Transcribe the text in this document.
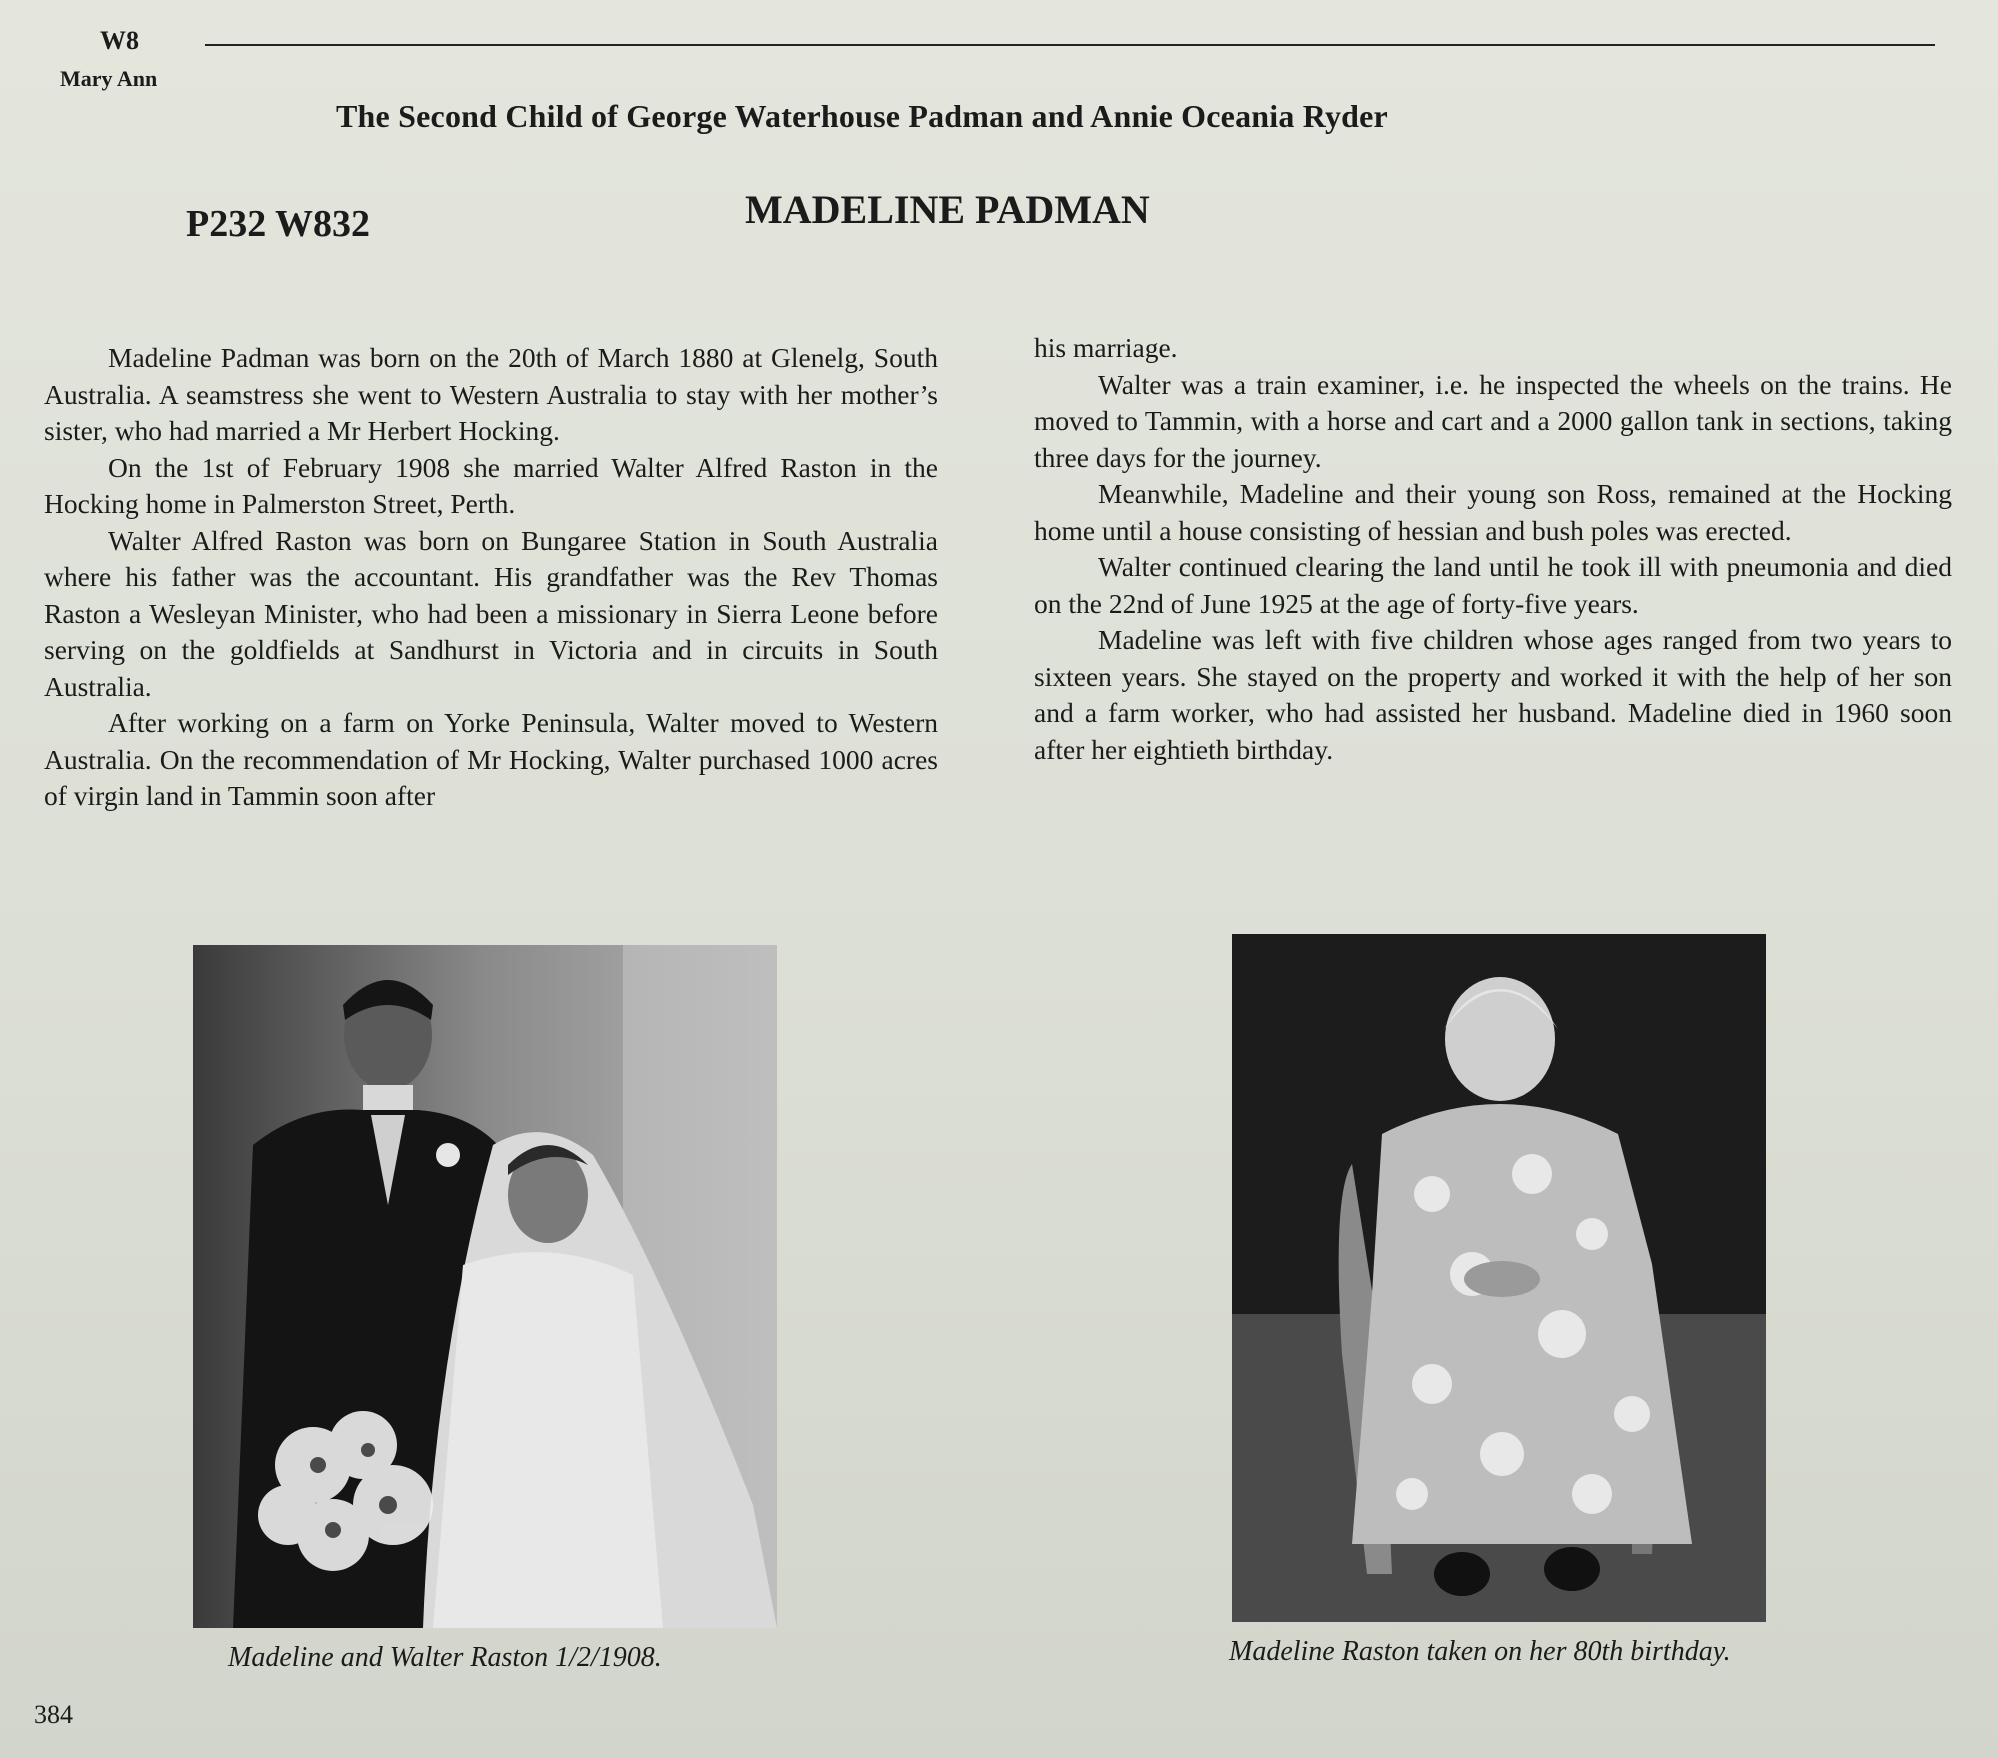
W8
Mary Ann
The Second Child of George Waterhouse Padman and Annie Oceania Ryder
P232 W832	MADELINE PADMAN

Madeline Padman was born on the 20th of March 1880 at Glenelg, South Australia. A seamstress she went to Western Australia to stay with her mother’s sister, who had married a Mr Herbert Hocking.

On the 1st of February 1908 she married Walter Alfred Raston in the Hocking home in Palmerston Street, Perth.

Walter Alfred Raston was born on Bungaree Station in South Australia where his father was the accountant. His grandfather was the Rev Thomas Raston a Wesleyan Minister, who had been a missionary in Sierra Leone before serving on the goldfields at Sandhurst in Victoria and in circuits in South Australia.

After working on a farm on Yorke Peninsula, Walter moved to Western Australia. On the recommendation of Mr Hocking, Walter purchased 1000 acres of virgin land in Tammin soon after

his marriage.

Walter was a train examiner, i.e. he inspected the wheels on the trains. He moved to Tammin, with a horse and cart and a 2000 gallon tank in sections, taking three days for the journey.

Meanwhile, Madeline and their young son Ross, remained at the Hocking home until a house consisting of hessian and bush poles was erected.

Walter continued clearing the land until he took ill with pneumonia and died on the 22nd of June 1925 at the age of forty-five years.

Madeline was left with five children whose ages ranged from two years to sixteen years. She stayed on the property and worked it with the help of her son and a farm worker, who had assisted her husband. Madeline died in 1960 soon after her eightieth birthday.

Madeline and Walter Raston 1/2/1908.	Madeline Raston taken on her 80th birthday.
384
